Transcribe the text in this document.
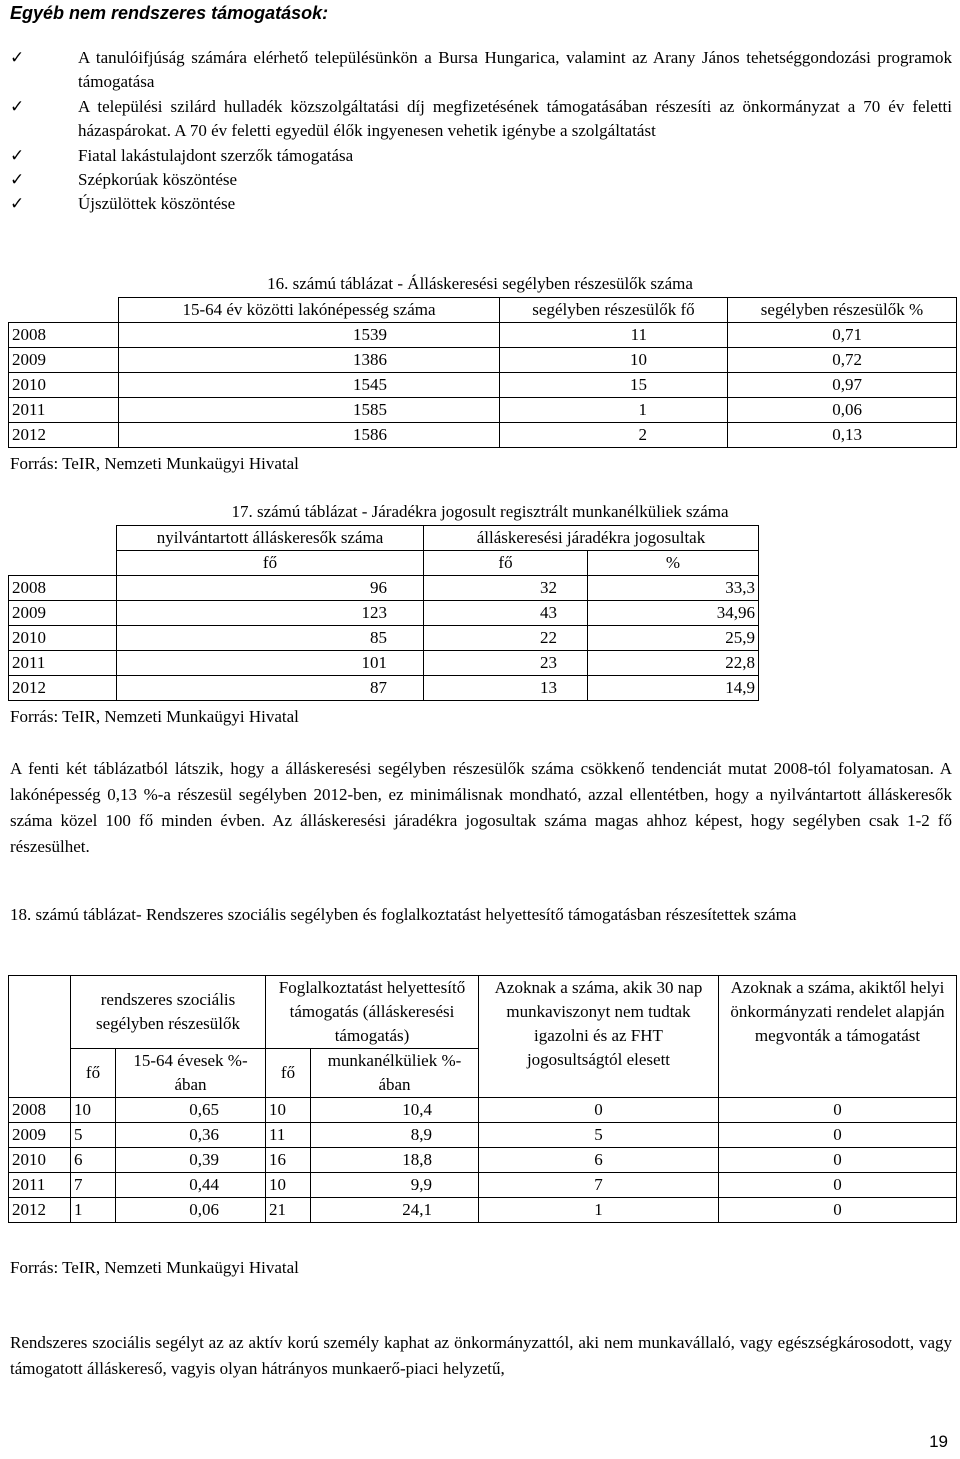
Egyéb nem rendszeres támogatások:
✓	A tanulóifjúság számára elérhető településünkön a Bursa Hungarica, valamint az Arany János tehetséggondozási programok támogatása
✓	A települési szilárd hulladék közszolgáltatási díj megfizetésének támogatásában részesíti az önkormányzat a 70 év feletti házaspárokat. A 70 év feletti egyedül élők ingyenesen vehetik igénybe a szolgáltatást
✓	Fiatal lakástulajdont szerzők támogatása
✓	Szépkorúak köszöntése
✓	Újszülöttek köszöntése
16. számú táblázat - Álláskeresési segélyben részesülők száma
	15-64 év közötti lakónépesség száma	segélyben részesülők fő	segélyben részesülők %
2008	1539	11	0,71
2009	1386	10	0,72
2010	1545	15	0,97
2011	1585	1	0,06
2012	1586	2	0,13
Forrás: TeIR, Nemzeti Munkaügyi Hivatal
17. számú táblázat - Járadékra jogosult regisztrált munkanélküliek száma
	nyilvántartott álláskeresők száma	álláskeresési járadékra jogosultak	
	fő	fő	%
2008	96	32	33,3
2009	123	43	34,96
2010	85	22	25,9
2011	101	23	22,8
2012	87	13	14,9
Forrás: TeIR, Nemzeti Munkaügyi Hivatal
A fenti két táblázatból látszik, hogy a álláskeresési segélyben részesülők száma csökkenő tendenciát mutat 2008-tól folyamatosan. A lakónépesség 0,13 %-a részesül segélyben 2012-ben, ez minimálisnak mondható, azzal ellentétben, hogy a nyilvántartott álláskeresők száma közel 100 fő minden évben. Az álláskeresési járadékra jogosultak száma magas ahhoz képest, hogy segélyben csak 1-2 fő részesülhet.
18. számú táblázat- Rendszeres szociális segélyben és foglalkoztatást helyettesítő támogatásban részesítettek száma
	rendszeres szociális segélyben részesülők		Foglalkoztatást helyettesítő támogatás (álláskeresési támogatás)		Azoknak a száma, akik 30 nap munkaviszonyt nem tudtak igazolni és az FHT jogosultságtól elesett	Azoknak a száma, akiktől helyi önkormányzati rendelet alapján megvonták a támogatást
	fő	15-64 évesek %-ában	fő	munkanélküliek %-ában		
2008	10	0,65	10	10,4	0	0
2009	5	0,36	11	8,9	5	0
2010	6	0,39	16	18,8	6	0
2011	7	0,44	10	9,9	7	0
2012	1	0,06	21	24,1	1	0
Forrás: TeIR, Nemzeti Munkaügyi Hivatal
Rendszeres szociális segélyt az az aktív korú személy kaphat az önkormányzattól, aki nem munkavállaló, vagy egészségkárosodott, vagy támogatott álláskereső, vagyis olyan hátrányos munkaerő-piaci helyzetű,
19
